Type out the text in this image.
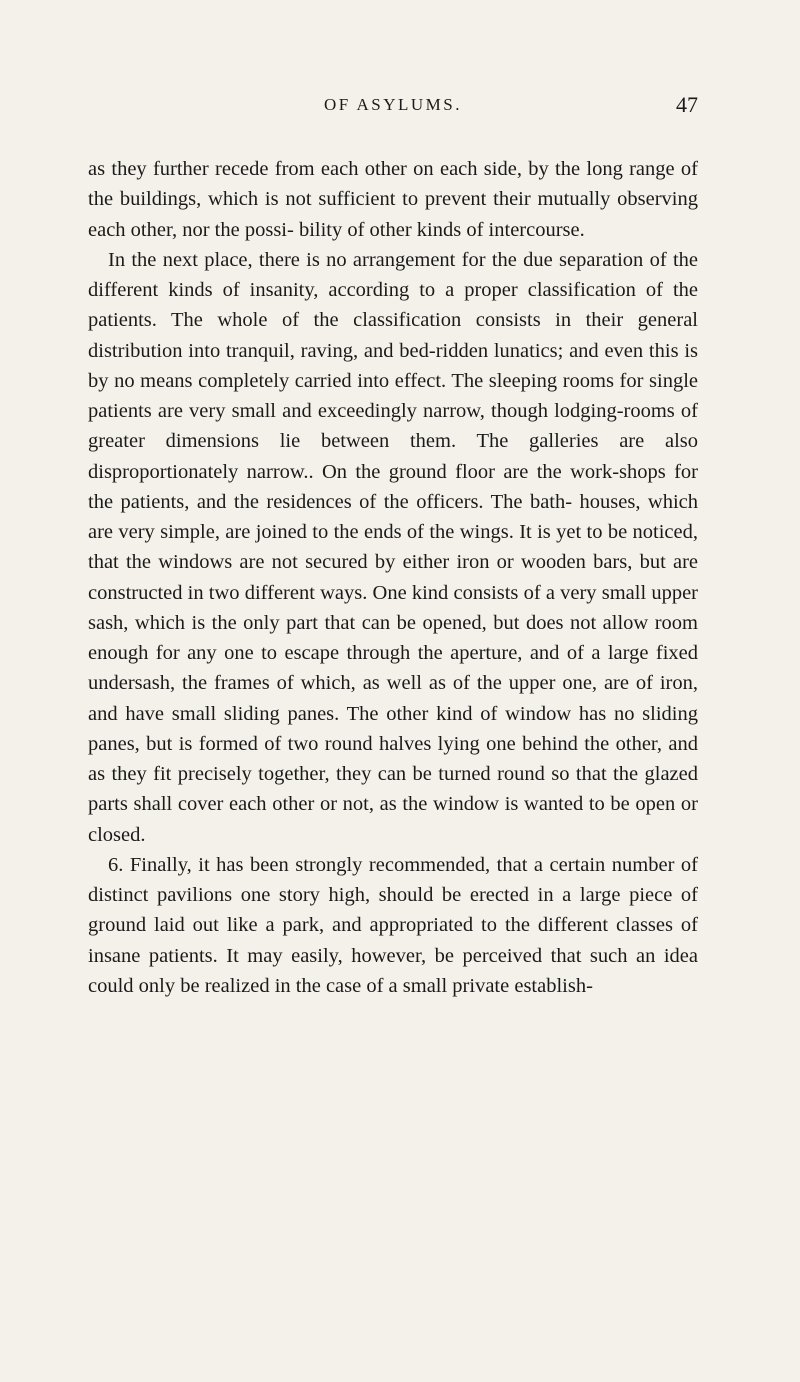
OF ASYLUMS.	47

as they further recede from each other on each side, by the long range of the buildings, which is not sufficient to prevent their mutually observing each other, nor the possi- bility of other kinds of intercourse.

In the next place, there is no arrangement for the due separation of the different kinds of insanity, according to a proper classification of the patients. The whole of the classification consists in their general distribution into tranquil, raving, and bed-ridden lunatics; and even this is by no means completely carried into effect. The sleeping rooms for single patients are very small and exceedingly narrow, though lodging-rooms of greater dimensions lie between them. The galleries are also disproportionately narrow.. On the ground floor are the work-shops for the patients, and the residences of the officers. The bath- houses, which are very simple, are joined to the ends of the wings. It is yet to be noticed, that the windows are not secured by either iron or wooden bars, but are constructed in two different ways. One kind consists of a very small upper sash, which is the only part that can be opened, but does not allow room enough for any one to escape through the aperture, and of a large fixed undersash, the frames of which, as well as of the upper one, are of iron, and have small sliding panes. The other kind of window has no sliding panes, but is formed of two round halves lying one behind the other, and as they fit precisely together, they can be turned round so that the glazed parts shall cover each other or not, as the window is wanted to be open or closed.

6. Finally, it has been strongly recommended, that a certain number of distinct pavilions one story high, should be erected in a large piece of ground laid out like a park, and appropriated to the different classes of insane patients. It may easily, however, be perceived that such an idea could only be realized in the case of a small private establish-
